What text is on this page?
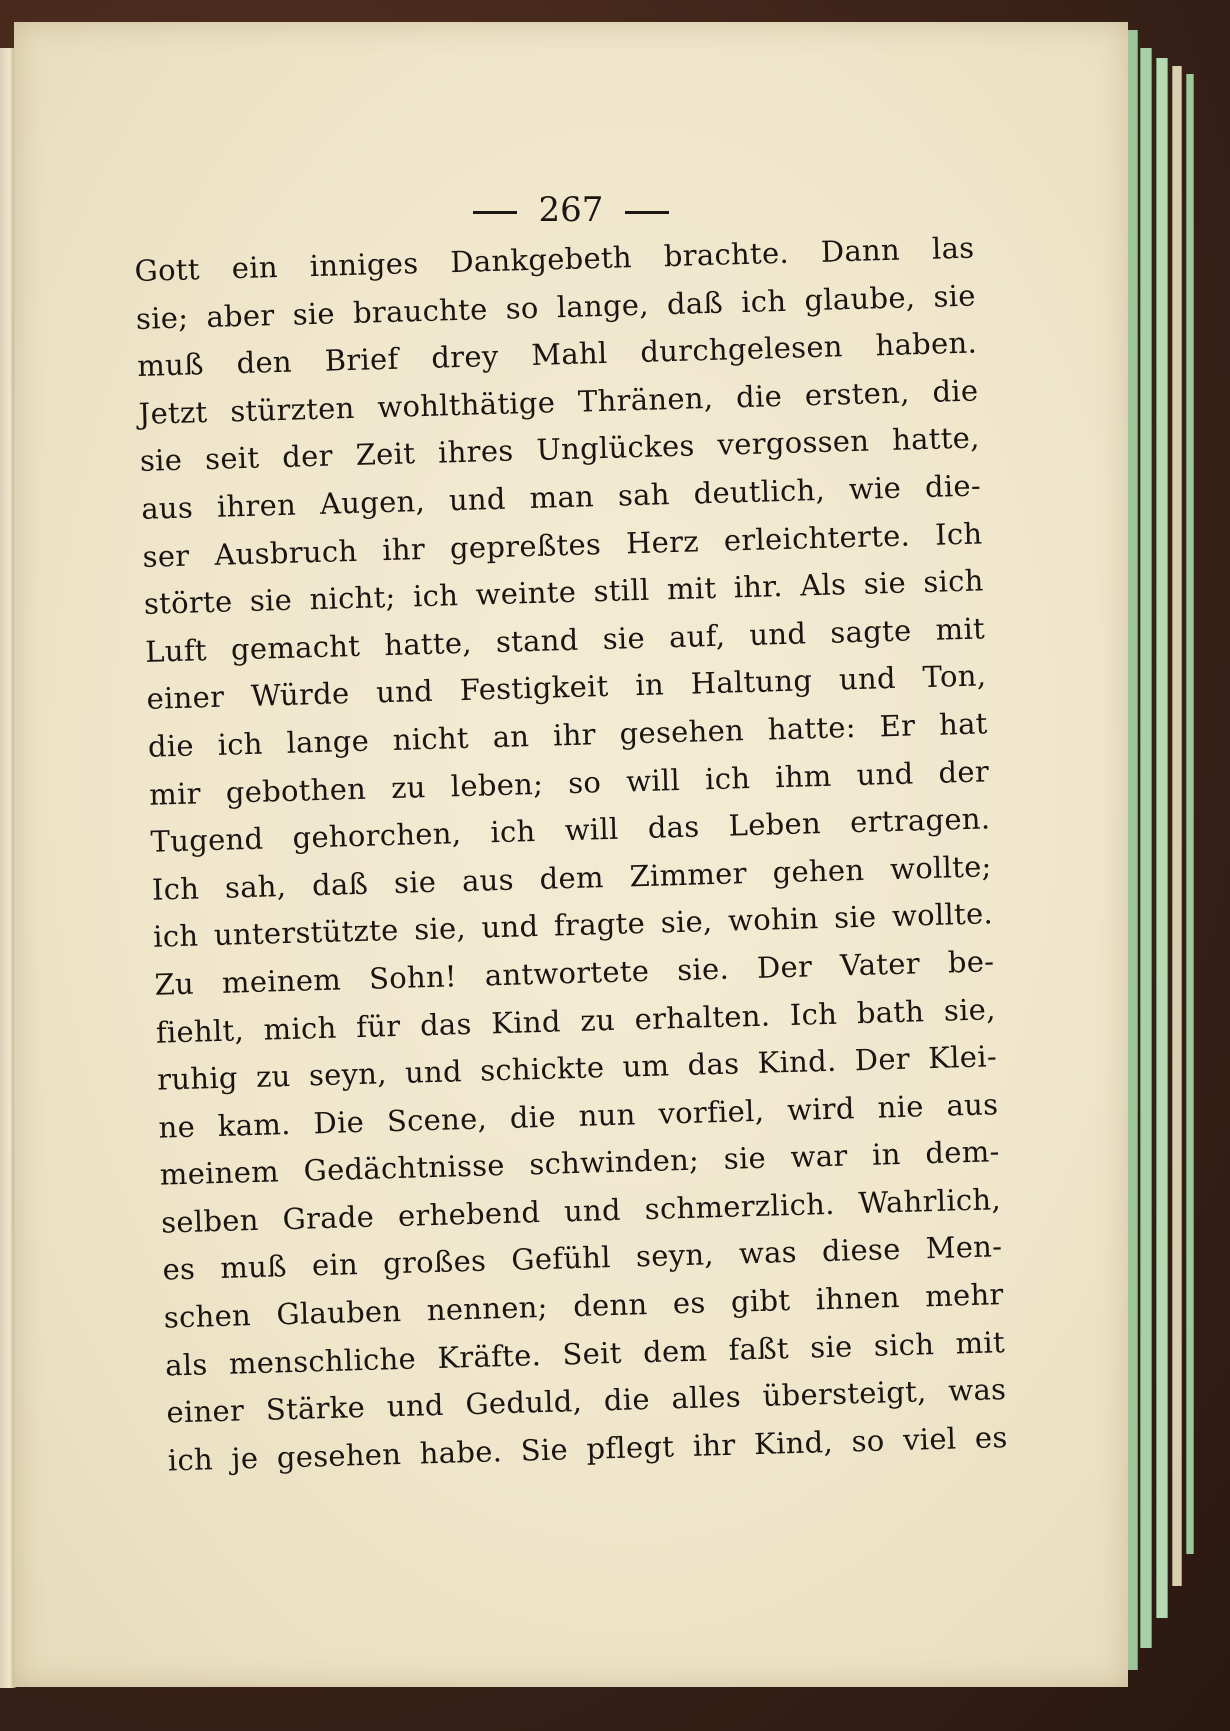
267
Gott ein inniges Dankgebeth brachte. Dann las
sie; aber sie brauchte so lange, daß ich glaube, sie
muß den Brief drey Mahl durchgelesen haben.
Jetzt stürzten wohlthätige Thränen, die ersten, die
sie seit der Zeit ihres Unglückes vergossen hatte,
aus ihren Augen, und man sah deutlich, wie die-
ser Ausbruch ihr gepreßtes Herz erleichterte. Ich
störte sie nicht; ich weinte still mit ihr. Als sie sich
Luft gemacht hatte, stand sie auf, und sagte mit
einer Würde und Festigkeit in Haltung und Ton,
die ich lange nicht an ihr gesehen hatte: Er hat
mir gebothen zu leben; so will ich ihm und der
Tugend gehorchen, ich will das Leben ertragen.
Ich sah, daß sie aus dem Zimmer gehen wollte;
ich unterstützte sie, und fragte sie, wohin sie wollte.
Zu meinem Sohn! antwortete sie. Der Vater be-
fiehlt, mich für das Kind zu erhalten. Ich bath sie,
ruhig zu seyn, und schickte um das Kind. Der Klei-
ne kam. Die Scene, die nun vorfiel, wird nie aus
meinem Gedächtnisse schwinden; sie war in dem-
selben Grade erhebend und schmerzlich. Wahrlich,
es muß ein großes Gefühl seyn, was diese Men-
schen Glauben nennen; denn es gibt ihnen mehr
als menschliche Kräfte. Seit dem faßt sie sich mit
einer Stärke und Geduld, die alles übersteigt, was
ich je gesehen habe. Sie pflegt ihr Kind, so viel es
